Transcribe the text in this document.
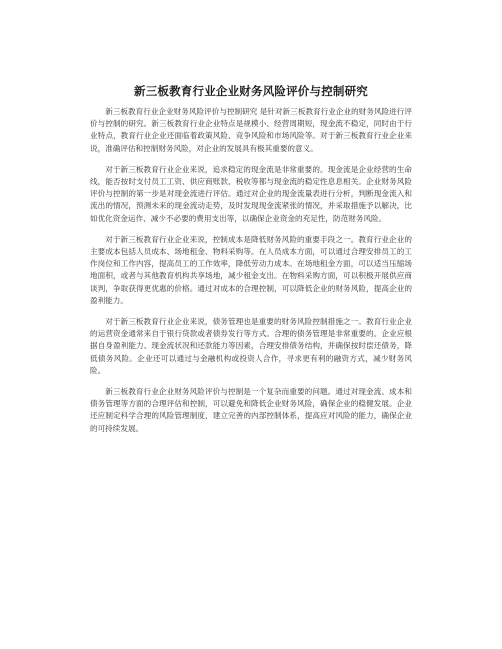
新三板教育行业企业财务风险评价与控制研究

新三板教育行业企业财务风险评价与控制研究 是针对新三板教育行业企业的财务风险进行评价与控制的研究。新三板教育行业企业特点是规模小、经营周期短，现金流不稳定，同时由于行业特点，教育行业企业还面临着政策风险、竞争风险和市场风险等。对于新三板教育行业企业来说，准确评估和控制财务风险，对企业的发展具有极其重要的意义。

对于新三板教育行业企业来说，追求稳定的现金流是非常重要的。现金流是企业经营的生命线，能否按时支付员工工资、供应商账款、税收等都与现金流的稳定性息息相关。企业财务风险评价与控制的第一步是对现金流进行评估。通过对企业的现金流量表进行分析，判断现金流入和流出的情况，预测未来的现金流动走势，及时发现现金流紧张的情况，并采取措施予以解决，比如优化资金运作、减少不必要的费用支出等，以确保企业资金的充足性，防范财务风险。

对于新三板教育行业企业来说，控制成本是降低财务风险的重要手段之一。教育行业企业的主要成本包括人员成本、场地租金、物料采购等。在人员成本方面，可以通过合理安排员工的工作岗位和工作内容，提高员工的工作效率，降低劳动力成本。在场地租金方面，可以适当压缩场地面积，或者与其他教育机构共享场地，减少租金支出。在物料采购方面，可以积极开展供应商谈判，争取获得更优惠的价格。通过对成本的合理控制，可以降低企业的财务风险，提高企业的盈利能力。

对于新三板教育行业企业来说，债务管理也是重要的财务风险控制措施之一。教育行业企业的运营资金通常来自于银行贷款或者债券发行等方式。合理的债务管理是非常重要的。企业应根据自身盈利能力、现金流状况和还款能力等因素，合理安排债务结构，并确保按时偿还债务，降低债务风险。企业还可以通过与金融机构或投资人合作，寻求更有利的融资方式，减少财务风险。

新三板教育行业企业财务风险评价与控制是一个复杂而重要的问题。通过对现金流、成本和债务管理等方面的合理评估和控制，可以避免和降低企业财务风险，确保企业的稳健发展。企业还应制定科学合理的风险管理制度，建立完善的内部控制体系，提高应对风险的能力，确保企业的可持续发展。
